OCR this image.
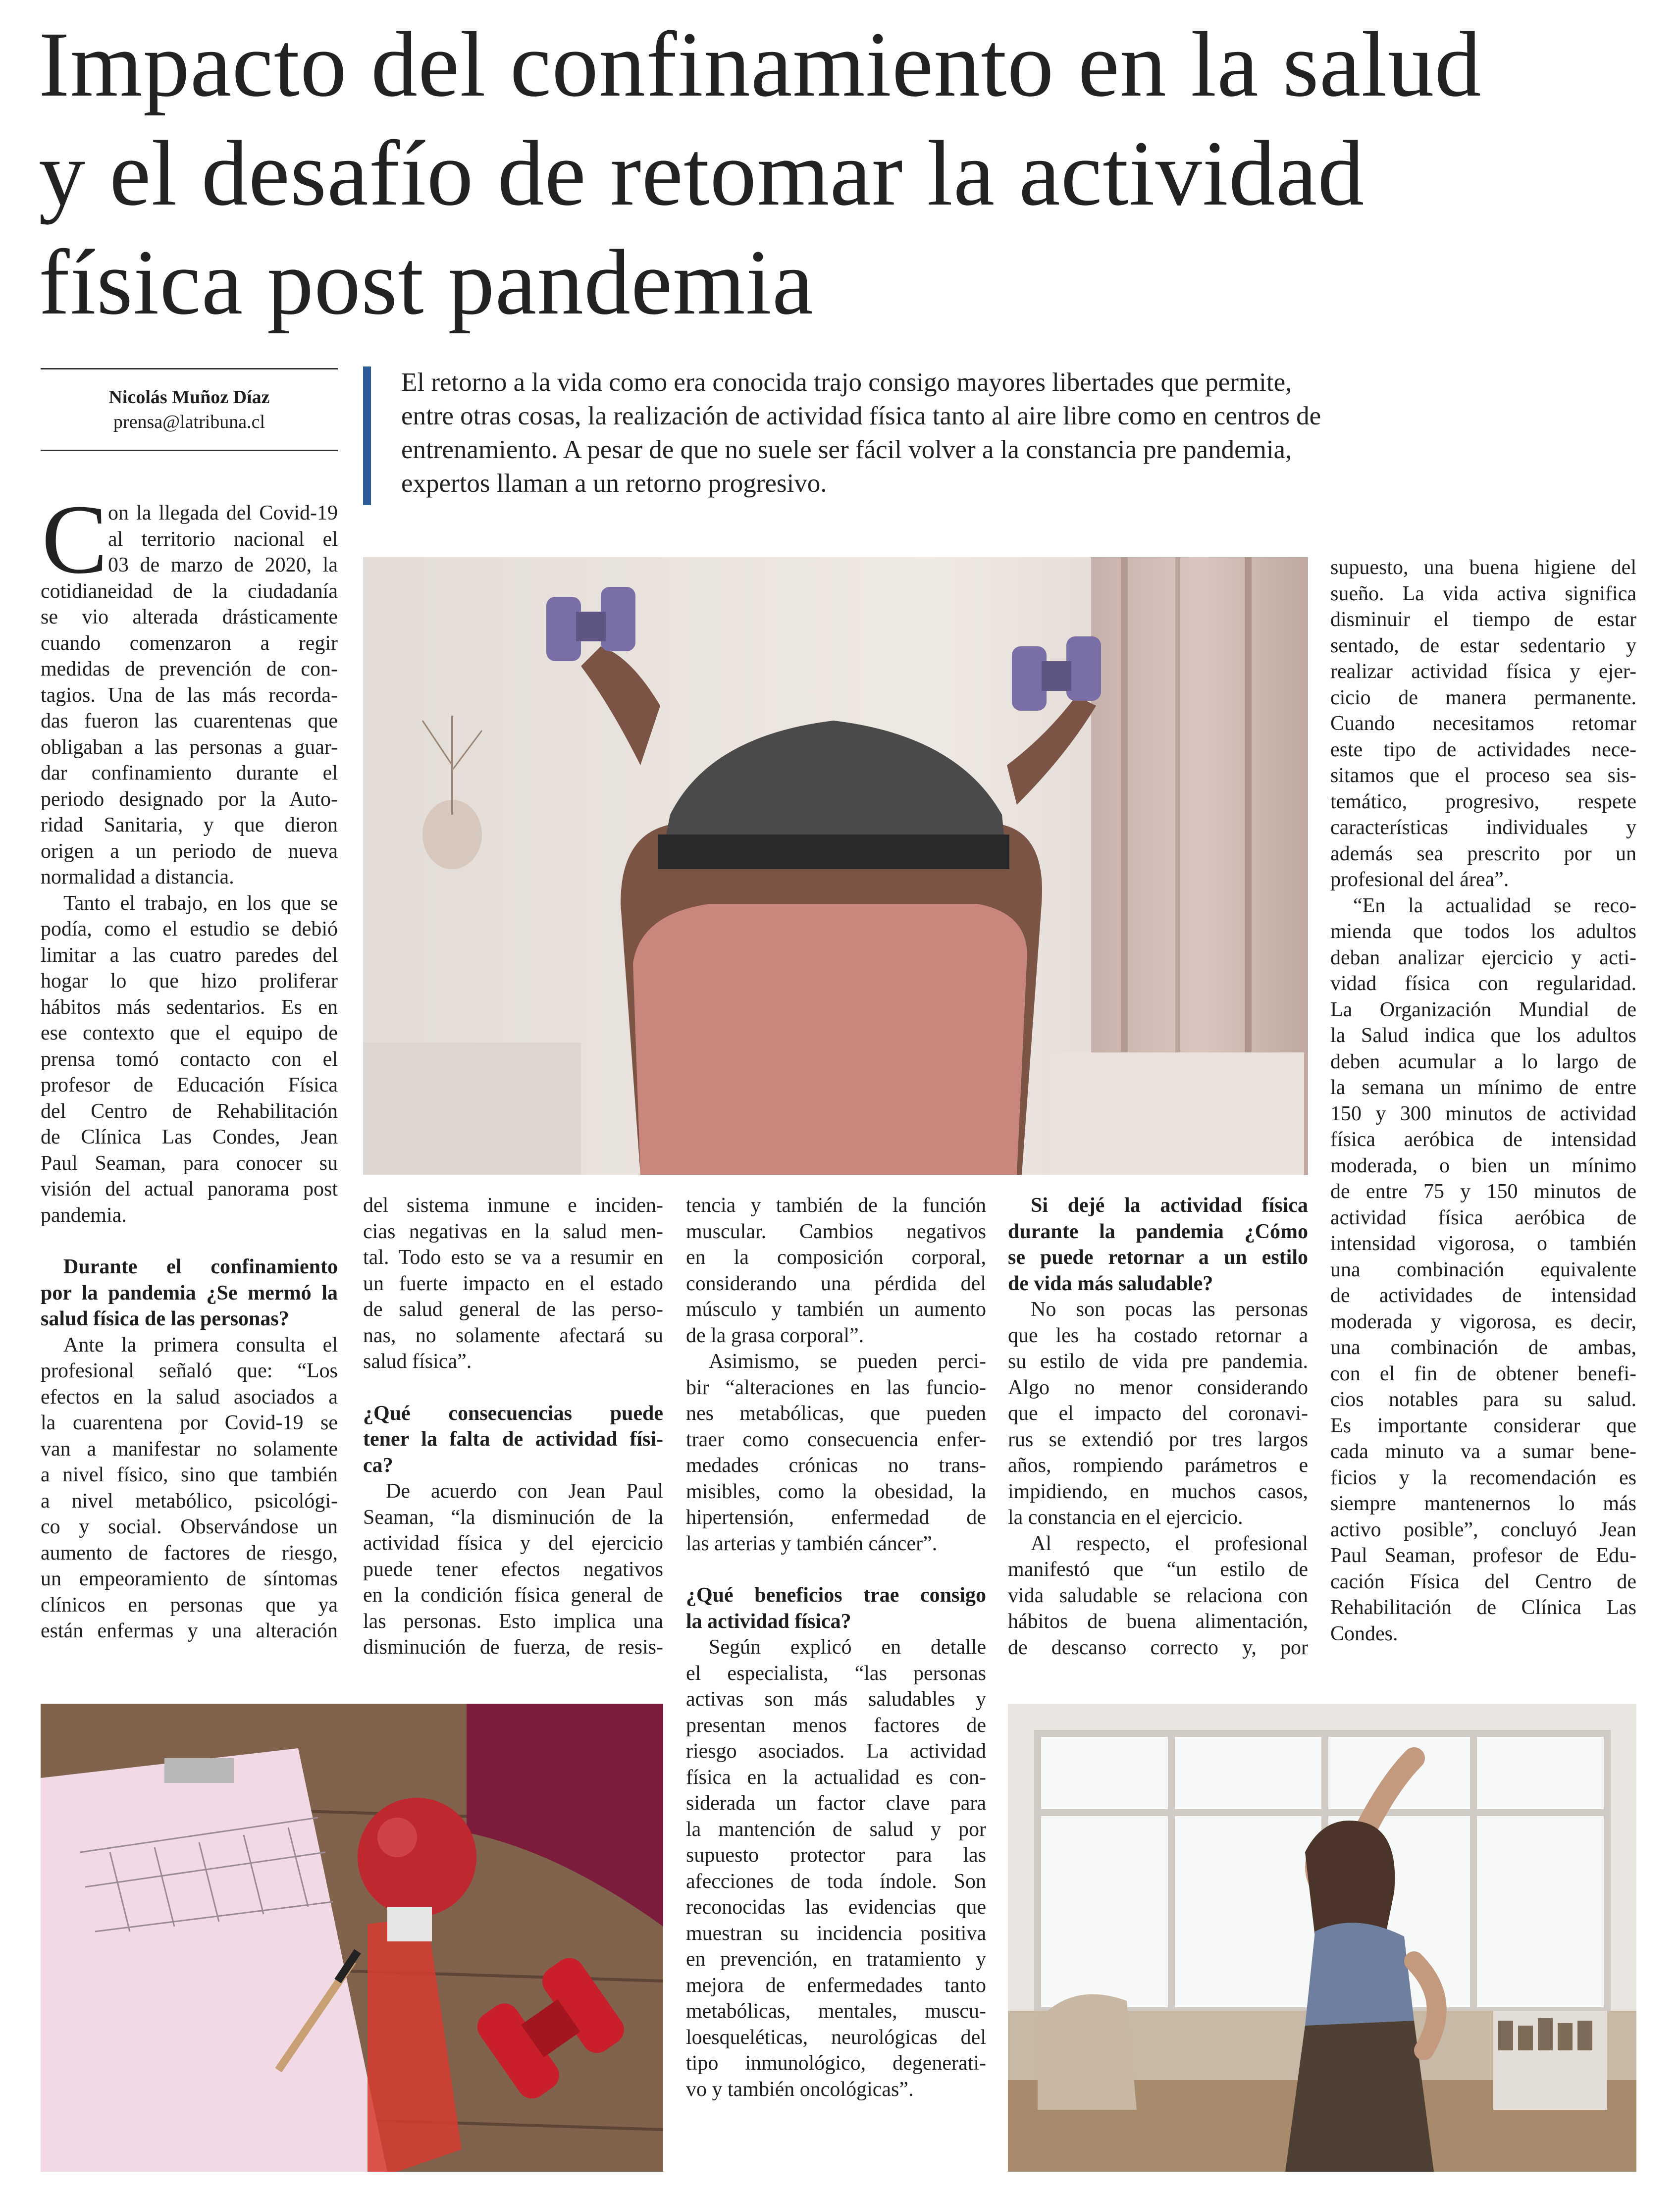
Impacto del confinamiento en la salud
y el desafío de retomar la actividad
física post pandemia
Nicolás Muñoz Díaz
prensa@latribuna.cl
El retorno a la vida como era conocida trajo consigo mayores libertades que permite,
entre otras cosas, la realización de actividad física tanto al aire libre como en centros de
entrenamiento. A pesar de que no suele ser fácil volver a la constancia pre pandemia,
expertos llaman a un retorno progresivo.
C on la llegada del Covid-19
al territorio nacional el
03 de marzo de 2020, la
cotidianeidad de la ciudadanía
se vio alterada drásticamente
cuando comenzaron a regir
medidas de prevención de con-
tagios. Una de las más recorda-
das fueron las cuarentenas que
obligaban a las personas a guar-
dar confinamiento durante el
periodo designado por la Auto-
ridad Sanitaria, y que dieron
origen a un periodo de nueva
normalidad a distancia.
Tanto el trabajo, en los que se
podía, como el estudio se debió
limitar a las cuatro paredes del
hogar lo que hizo proliferar
hábitos más sedentarios. Es en
ese contexto que el equipo de
prensa tomó contacto con el
profesor de Educación Física
del Centro de Rehabilitación
de Clínica Las Condes, Jean
Paul Seaman, para conocer su
visión del actual panorama post
pandemia.
Durante el confinamiento
por la pandemia ¿Se mermó la
salud física de las personas?
Ante la primera consulta el
profesional señaló que: “Los
efectos en la salud asociados a
la cuarentena por Covid-19 se
van a manifestar no solamente
a nivel físico, sino que también
a nivel metabólico, psicológi-
co y social. Observándose un
aumento de factores de riesgo,
un empeoramiento de síntomas
clínicos en personas que ya
están enfermas y una alteración
del sistema inmune e inciden-
cias negativas en la salud men-
tal. Todo esto se va a resumir en
un fuerte impacto en el estado
de salud general de las perso-
nas, no solamente afectará su
salud física”.
¿Qué consecuencias puede
tener la falta de actividad físi-
ca?
De acuerdo con Jean Paul
Seaman, “la disminución de la
actividad física y del ejercicio
puede tener efectos negativos
en la condición física general de
las personas. Esto implica una
disminución de fuerza, de resis-
tencia y también de la función
muscular. Cambios negativos
en la composición corporal,
considerando una pérdida del
músculo y también un aumento
de la grasa corporal”.
Asimismo, se pueden perci-
bir “alteraciones en las funcio-
nes metabólicas, que pueden
traer como consecuencia enfer-
medades crónicas no trans-
misibles, como la obesidad, la
hipertensión, enfermedad de
las arterias y también cáncer”.
¿Qué beneficios trae consigo
la actividad física?
Según explicó en detalle
el especialista, “las personas
activas son más saludables y
presentan menos factores de
riesgo asociados. La actividad
física en la actualidad es con-
siderada un factor clave para
la mantención de salud y por
supuesto protector para las
afecciones de toda índole. Son
reconocidas las evidencias que
muestran su incidencia positiva
en prevención, en tratamiento y
mejora de enfermedades tanto
metabólicas, mentales, muscu-
loesqueléticas, neurológicas del
tipo inmunológico, degenerati-
vo y también oncológicas”.
Si dejé la actividad física
durante la pandemia ¿Cómo
se puede retornar a un estilo
de vida más saludable?
No son pocas las personas
que les ha costado retornar a
su estilo de vida pre pandemia.
Algo no menor considerando
que el impacto del coronavi-
rus se extendió por tres largos
años, rompiendo parámetros e
impidiendo, en muchos casos,
la constancia en el ejercicio.
Al respecto, el profesional
manifestó que “un estilo de
vida saludable se relaciona con
hábitos de buena alimentación,
de descanso correcto y, por
supuesto, una buena higiene del
sueño. La vida activa significa
disminuir el tiempo de estar
sentado, de estar sedentario y
realizar actividad física y ejer-
cicio de manera permanente.
Cuando necesitamos retomar
este tipo de actividades nece-
sitamos que el proceso sea sis-
temático, progresivo, respete
características individuales y
además sea prescrito por un
profesional del área”.
“En la actualidad se reco-
mienda que todos los adultos
deban analizar ejercicio y acti-
vidad física con regularidad.
La Organización Mundial de
la Salud indica que los adultos
deben acumular a lo largo de
la semana un mínimo de entre
150 y 300 minutos de actividad
física aeróbica de intensidad
moderada, o bien un mínimo
de entre 75 y 150 minutos de
actividad física aeróbica de
intensidad vigorosa, o también
una combinación equivalente
de actividades de intensidad
moderada y vigorosa, es decir,
una combinación de ambas,
con el fin de obtener benefi-
cios notables para su salud.
Es importante considerar que
cada minuto va a sumar bene-
ficios y la recomendación es
siempre mantenernos lo más
activo posible”, concluyó Jean
Paul Seaman, profesor de Edu-
cación Física del Centro de
Rehabilitación de Clínica Las
Condes.
